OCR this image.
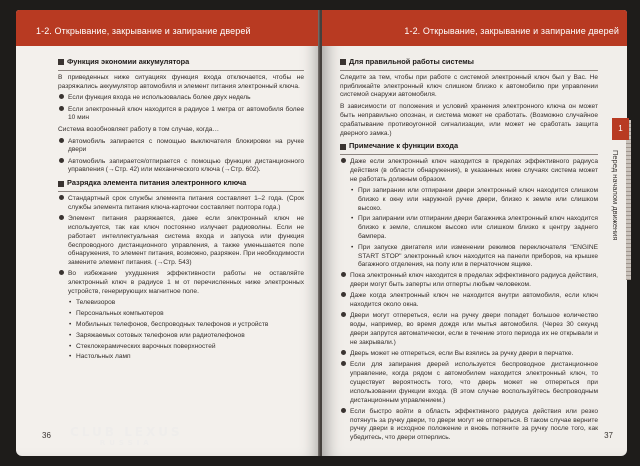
1-2. Открывание, закрывание и запирание дверей
Функция экономии аккумулятора

В приведенных ниже ситуациях функция входа отключается, чтобы не разряжались аккумулятор автомобиля и элемент питания электронный ключа.

Если функция входа не использовалась более двух недель
Если электронный ключ находится в радиусе 1 метра от автомобиля более 10 мин

Система возобновляет работу в том случае, когда…

Автомобиль запирается с помощью выключателя блокировки на ручке двери
Автомобиль запирается/отпирается с помощью функции дистанционного управления (→Стр. 42) или механического ключа (→Стр. 602).
Разрядка элемента питания электронного ключа
Стандартный срок службы элемента питания составляет 1–2 года. (Срок службы элемента питания ключа-карточки составляет полтора года.)
Элемент питания разряжается, даже если электронный ключ не используется, так как ключ постоянно излучает радиоволны. Если не работает интеллектуальная система входа и запуска или функция беспроводного дистанционного управления, а также уменьшается поле обнаружения, то элемент питания, возможно, разряжен. При необходимости замените элемент питания. (→Стр. 543)
Во избежание ухудшения эффективности работы не оставляйте электронный ключ в радиусе 1 м от перечисленных ниже электронных устройств, генерирующих магнитное поле.
• Телевизоров
• Персональных компьютеров
• Мобильных телефонов, беспроводных телефонов и устройств
• Заряжаемых сотовых телефонов или радиотелефонов
• Стеклокерамических варочных поверхностей
• Настольных ламп
36
1-2. Открывание, закрывание и запирание дверей
Для правильной работы системы

Следите за тем, чтобы при работе с системой электронный ключ был у Вас. Не приближайте электронный ключ слишком близко к автомобилю при управлении системой снаружи автомобиля.

В зависимости от положения и условий хранения электронного ключа он может быть неправильно опознан, и система может не сработать. (Возможно случайное срабатывание противоугонной сигнализации, или может не сработать защита дверного замка.)

Примечание к функции входа
Даже если электронный ключ находится в пределах эффективного радиуса действия (в области обнаружения), в указанных ниже случаях система может не работать должным образом.
• При запирании или отпирании двери электронный ключ находится слишком близко к окну или наружной ручке двери, близко к земле или слишком высоко.
• При запирании или отпирании двери багажника электронный ключ находится близко к земле, слишком высоко или слишком близко к центру заднего бампера.
• При запуске двигателя или изменении режимов переключателя "ENGINE START STOP" электронный ключ находится на панели приборов, на крышке багажного отделения, на полу или в перчаточном ящике.
Пока электронный ключ находится в пределах эффективного радиуса действия, двери могут быть заперты или отперты любым человеком.
Даже когда электронный ключ не находится внутри автомобиля, если ключ находится около окна.
Двери могут отпереться, если на ручку двери попадет большое количество воды, например, во время дождя или мытья автомобиля. (Через 30 секунд двери запрутся автоматически, если в течение этого периода их не открывали и не закрывали.)
Дверь может не отпереться, если Вы взялись за ручку двери в перчатке.
Если для запирания дверей используется беспроводное дистанционное управление, когда рядом с автомобилем находится электронный ключ, то существует вероятность того, что дверь может не отпереться при использовании функции входа. (В этом случае воспользуйтесь беспроводным дистанционным управлением.)
Если быстро войти в область эффективного радиуса действия или резко потянуть за ручку двери, то двери могут не отпереться. В таком случае верните ручку двери в исходное положение и вновь потяните за ручку после того, как убедитесь, что двери отперлись.	37
1
Перед началом движения
CLUB LEXUS
RUSSIA
